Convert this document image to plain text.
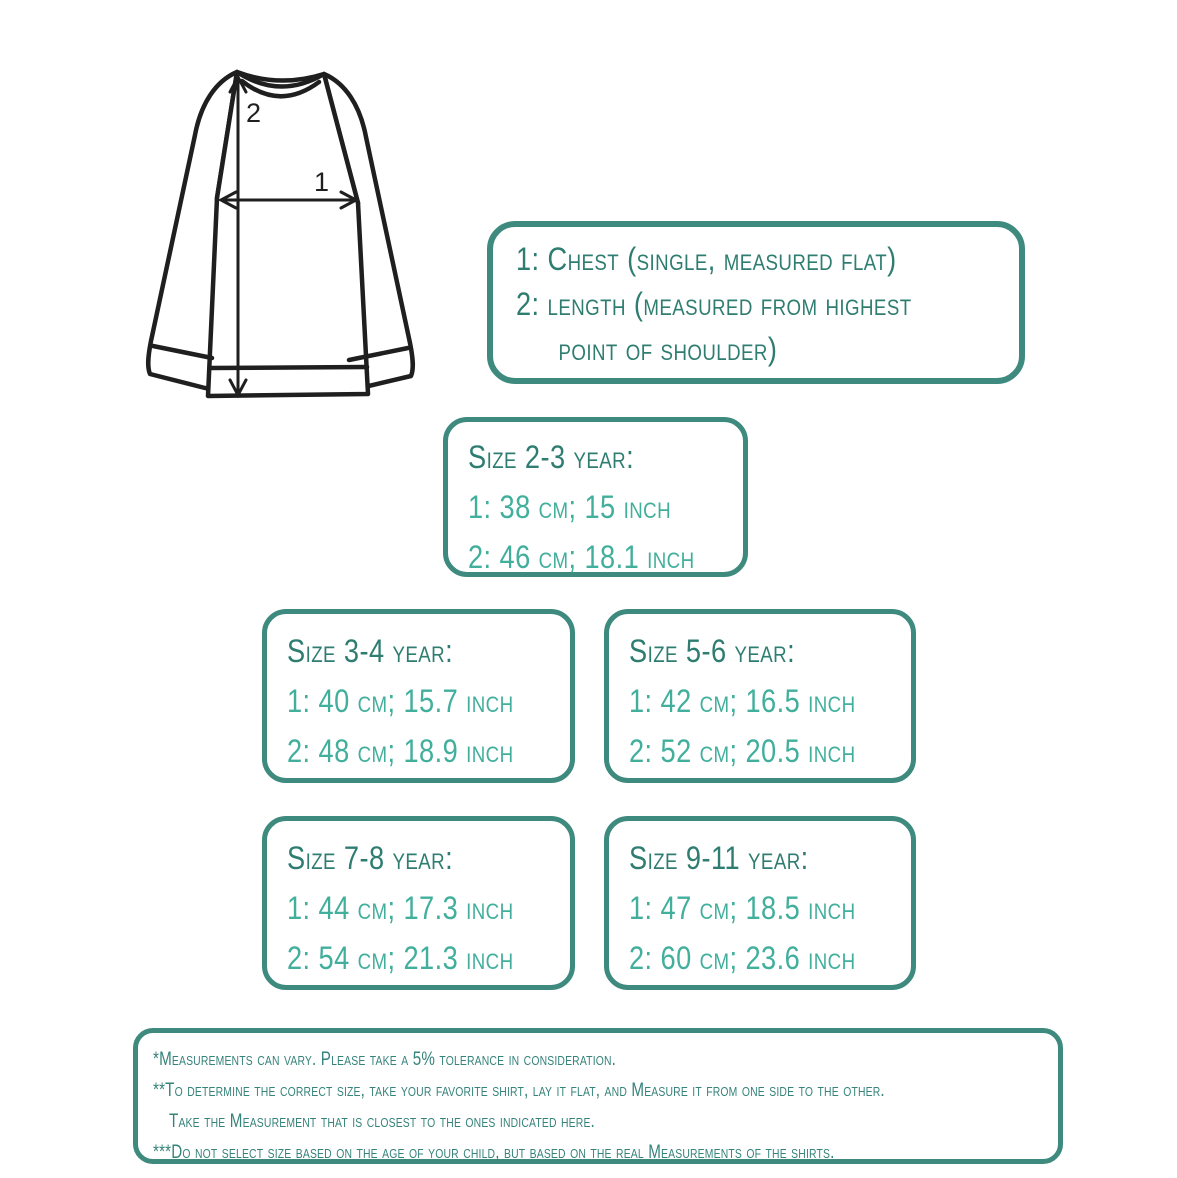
2
1
1: Chest (single, measured flat)
2: length (measured from highest
point of shoulder)
Size 2-3 year:
1: 38 cm; 15 inch
2: 46 cm; 18.1 inch
Size 3-4 year:
1: 40 cm; 15.7 inch
2: 48 cm; 18.9 inch
Size 5-6 year:
1: 42 cm; 16.5 inch
2: 52 cm; 20.5 inch
Size 7-8 year:
1: 44 cm; 17.3 inch
2: 54 cm; 21.3 inch
Size 9-11 year:
1: 47 cm; 18.5 inch
2: 60 cm; 23.6 inch
*Measurements can vary. Please take a 5% tolerance in consideration.
**To determine the correct size, take your favorite shirt, lay it flat, and Measure it from one side to the other.
Take the Measurement that is closest to the ones indicated here.
***Do not select size based on the age of your child, but based on the real Measurements of the shirts.
